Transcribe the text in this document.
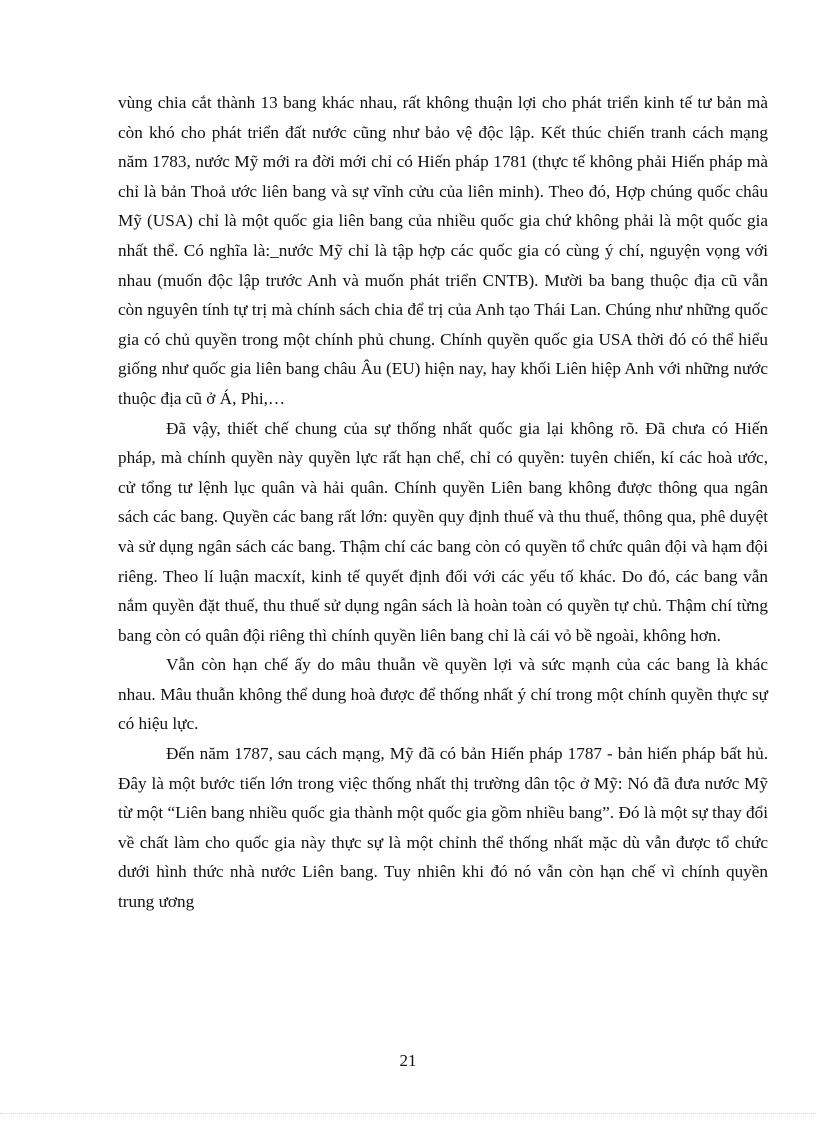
vùng chia cắt thành 13 bang khác nhau, rất không thuận lợi cho phát triển kinh tế tư bản mà còn khó cho phát triển đất nước cũng như bảo vệ độc lập. Kết thúc chiến tranh cách mạng năm 1783, nước Mỹ mới ra đời mới chỉ có Hiến pháp 1781 (thực tế không phải Hiến pháp mà chỉ là bản Thoả ước liên bang và sự vĩnh cửu của liên minh). Theo đó, Hợp chúng quốc châu Mỹ (USA) chỉ là một quốc gia liên bang của nhiều quốc gia chứ không phải là một quốc gia nhất thể. Có nghĩa là:_nước Mỹ chỉ là tập hợp các quốc gia có cùng ý chí, nguyện vọng với nhau (muốn độc lập trước Anh và muốn phát triển CNTB). Mười ba bang thuộc địa cũ vẫn còn nguyên tính tự trị mà chính sách chia để trị của Anh tạo Thái Lan. Chúng như những quốc gia có chủ quyền trong một chính phủ chung. Chính quyền quốc gia USA thời đó có thể hiểu giống như quốc gia liên bang châu Âu (EU) hiện nay, hay khối Liên hiệp Anh với những nước thuộc địa cũ ở Á, Phi,…

Đã vậy, thiết chế chung của sự thống nhất quốc gia lại không rõ. Đã chưa có Hiến pháp, mà chính quyền này quyền lực rất hạn chế, chỉ có quyền: tuyên chiến, kí các hoà ước, cử tổng tư lệnh lục quân và hải quân. Chính quyền Liên bang không được thông qua ngân sách các bang. Quyền các bang rất lớn: quyền quy định thuế và thu thuế, thông qua, phê duyệt và sử dụng ngân sách các bang. Thậm chí các bang còn có quyền tổ chức quân đội và hạm đội riêng. Theo lí luận macxít, kinh tế quyết định đối với các yếu tố khác. Do đó, các bang vẫn nắm quyền đặt thuế, thu thuế sử dụng ngân sách là hoàn toàn có quyền tự chủ. Thậm chí từng bang còn có quân đội riêng thì chính quyền liên bang chỉ là cái vỏ bề ngoài, không hơn.

Vẫn còn hạn chế ấy do mâu thuẫn về quyền lợi và sức mạnh của các bang là khác nhau. Mâu thuẫn không thể dung hoà được để thống nhất ý chí trong một chính quyền thực sự có hiệu lực.

Đến năm 1787, sau cách mạng, Mỹ đã có bản Hiến pháp 1787 - bản hiến pháp bất hủ. Đây là một bước tiến lớn trong việc thống nhất thị trường dân tộc ở Mỹ: Nó đã đưa nước Mỹ từ một “Liên bang nhiều quốc gia thành một quốc gia gồm nhiều bang”. Đó là một sự thay đổi về chất làm cho quốc gia này thực sự là một chỉnh thể thống nhất mặc dù vẫn được tổ chức dưới hình thức nhà nước Liên bang. Tuy nhiên khi đó nó vẫn còn hạn chế vì chính quyền trung ương

21
